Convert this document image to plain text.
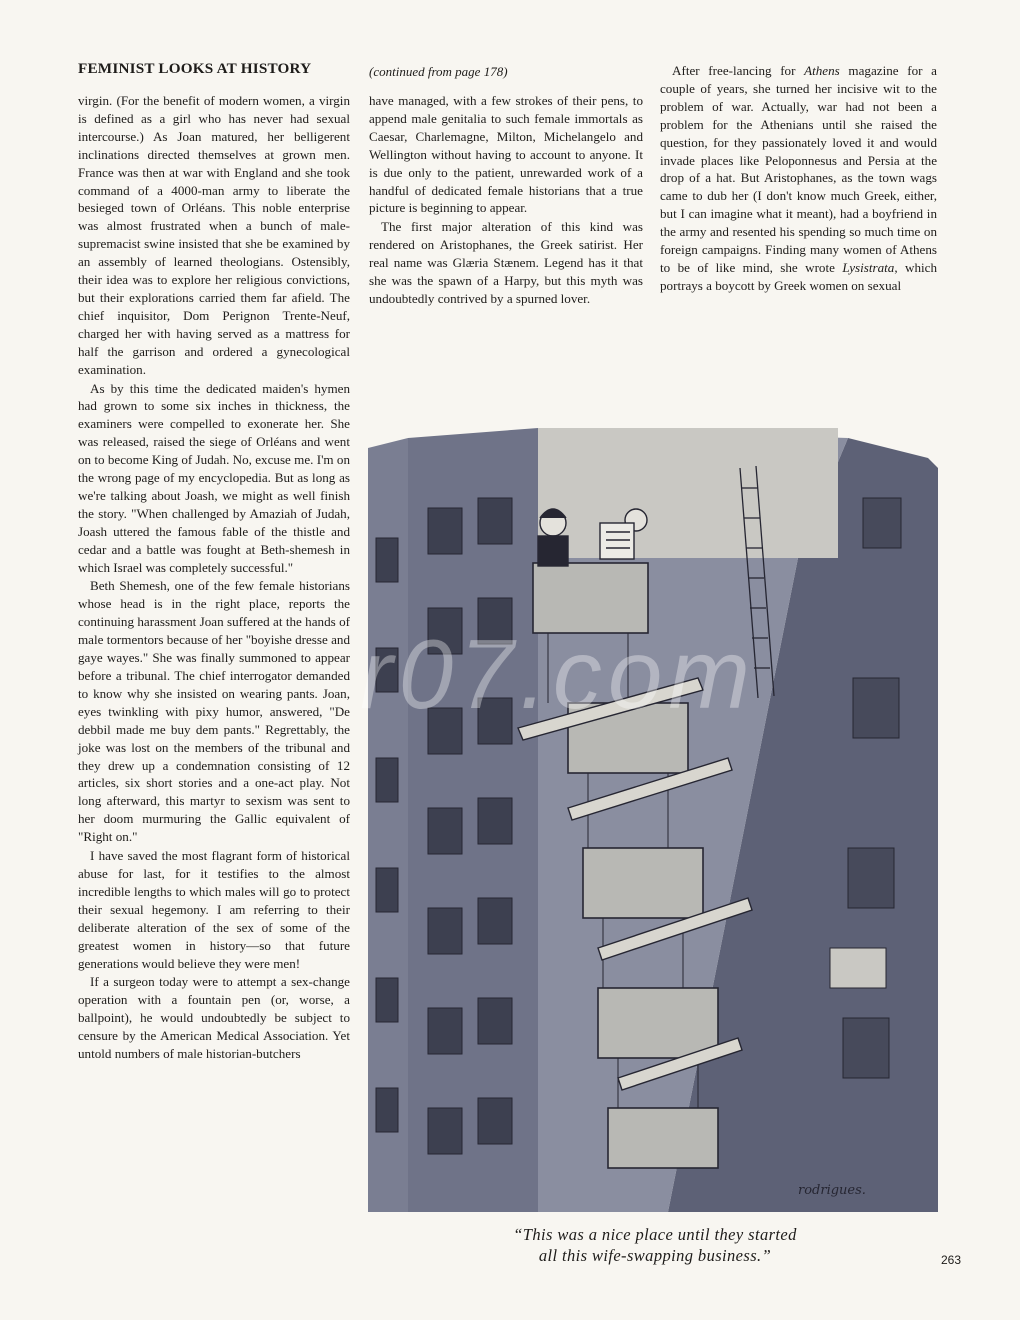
FEMINIST LOOKS AT HISTORY	(continued from page 178)

virgin. (For the benefit of modern women, a virgin is defined as a girl who has never had sexual intercourse.) As Joan matured, her belligerent inclinations directed themselves at grown men. France was then at war with England and she took command of a 4000-man army to liberate the besieged town of Orléans. This noble enterprise was almost frustrated when a bunch of male-supremacist swine insisted that she be examined by an assembly of learned theologians. Ostensibly, their idea was to explore her religious convictions, but their explorations carried them far afield. The chief inquisitor, Dom Perignon Trente-Neuf, charged her with having served as a mattress for half the garrison and ordered a gynecological examination.

As by this time the dedicated maiden's hymen had grown to some six inches in thickness, the examiners were compelled to exonerate her. She was released, raised the siege of Orléans and went on to become King of Judah. No, excuse me. I'm on the wrong page of my encyclopedia. But as long as we're talking about Joash, we might as well finish the story. "When challenged by Amaziah of Judah, Joash uttered the famous fable of the thistle and cedar and a battle was fought at Beth-shemesh in which Israel was completely successful."

Beth Shemesh, one of the few female historians whose head is in the right place, reports the continuing harassment Joan suffered at the hands of male tormentors because of her "boyishe dresse and gaye wayes." She was finally summoned to appear before a tribunal. The chief interrogator demanded to know why she insisted on wearing pants. Joan, eyes twinkling with pixy humor, answered, "De debbil made me buy dem pants." Regrettably, the joke was lost on the members of the tribunal and they drew up a condemnation consisting of 12 articles, six short stories and a one-act play. Not long afterward, this martyr to sexism was sent to her doom murmuring the Gallic equivalent of "Right on."

I have saved the most flagrant form of historical abuse for last, for it testifies to the almost incredible lengths to which males will go to protect their sexual hegemony. I am referring to their deliberate alteration of the sex of some of the greatest women in history—so that future generations would believe they were men!

If a surgeon today were to attempt a sex-change operation with a fountain pen (or, worse, a ballpoint), he would undoubtedly be subject to censure by the American Medical Association. Yet untold numbers of male historian-butchers

have managed, with a few strokes of their pens, to append male genitalia to such female immortals as Caesar, Charlemagne, Milton, Michelangelo and Wellington without having to account to anyone. It is due only to the patient, unrewarded work of a handful of dedicated female historians that a true picture is beginning to appear.

The first major alteration of this kind was rendered on Aristophanes, the Greek satirist. Her real name was Glæria Stænem. Legend has it that she was the spawn of a Harpy, but this myth was undoubtedly contrived by a spurned lover.

After free-lancing for Athens magazine for a couple of years, she turned her incisive wit to the problem of war. Actually, war had not been a problem for the Athenians until she raised the question, for they passionately loved it and would invade places like Peloponnesus and Persia at the drop of a hat. But Aristophanes, as the town wags came to dub her (I don't know much Greek, either, but I can imagine what it meant), had a boyfriend in the army and resented his spending so much time on foreign campaigns. Finding many women of Athens to be of like mind, she wrote Lysistrata, which portrays a boycott by Greek women on sexual

rodrigues.
r07.com
“This was a nice place until they started
all this wife-swapping business.”	263
